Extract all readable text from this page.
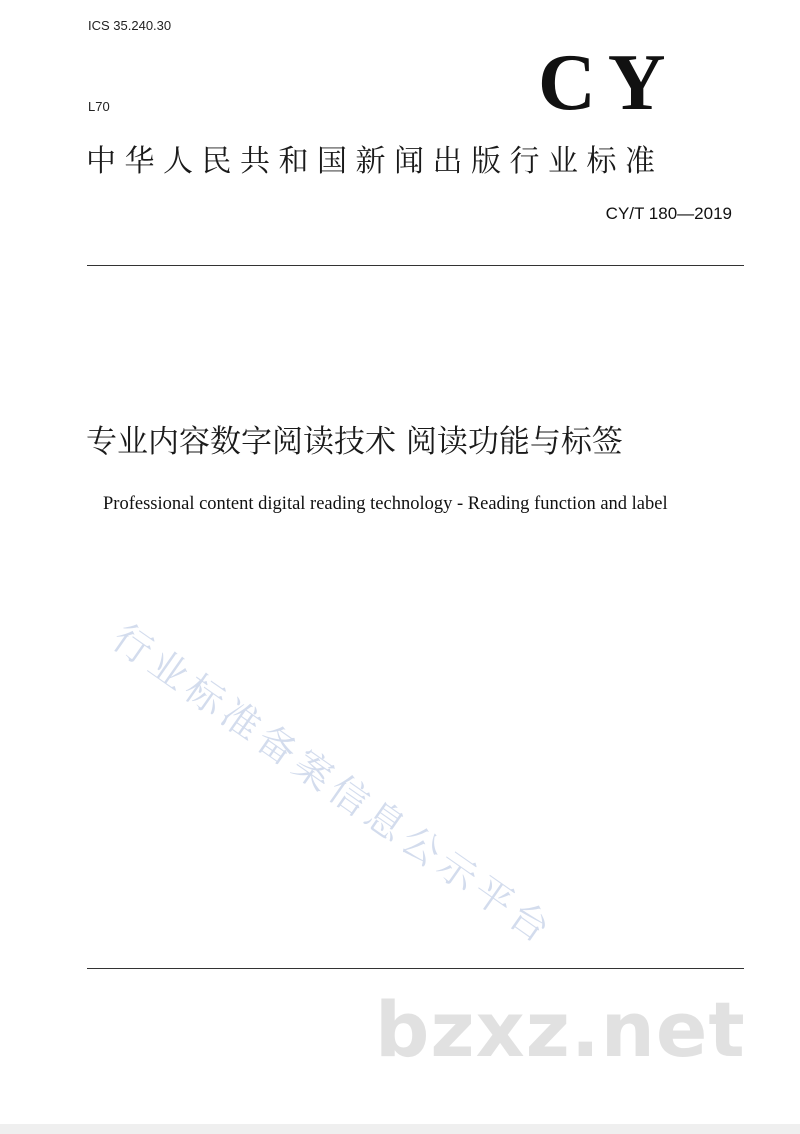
ICS 35.240.30
L70	CY
中华人民共和国新闻出版行业标准
CY/T 180—2019
专业内容数字阅读技术 阅读功能与标签
Professional content digital reading technology - Reading function and label
行业标准备案信息公示平台
bzxz.net
